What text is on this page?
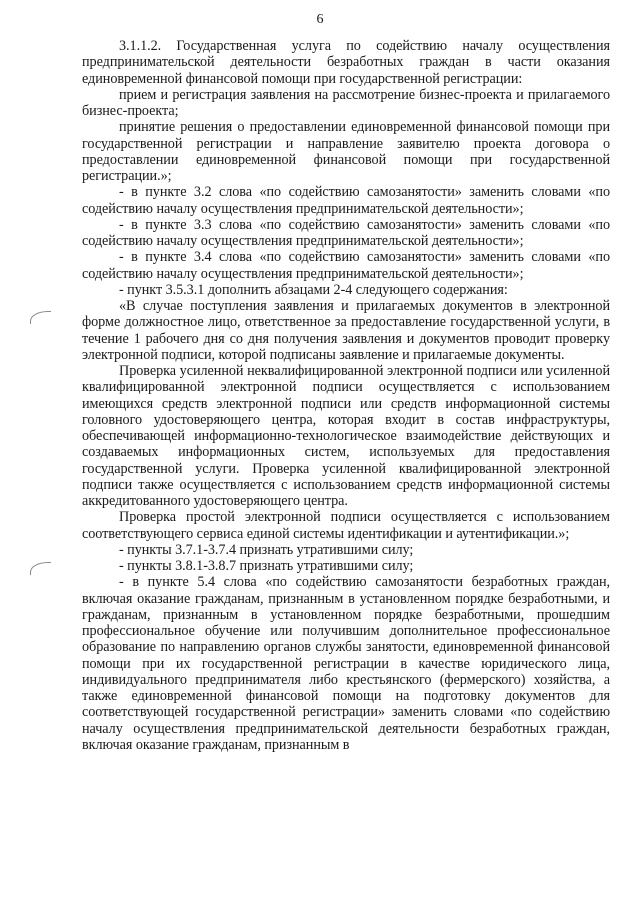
6

3.1.1.2. Государственная услуга по содействию началу осуществления предпринимательской деятельности безработных граждан в части оказания единовременной финансовой помощи при государственной регистрации:

прием и регистрация заявления на рассмотрение бизнес-проекта и прилагаемого бизнес-проекта;

принятие решения о предоставлении единовременной финансовой помощи при государственной регистрации и направление заявителю проекта договора о предоставлении единовременной финансовой помощи при государственной регистрации.»;

- в пункте 3.2 слова «по содействию самозанятости» заменить словами «по содействию началу осуществления предпринимательской деятельности»;

- в пункте 3.3 слова «по содействию самозанятости» заменить словами «по содействию началу осуществления предпринимательской деятельности»;

- в пункте 3.4 слова «по содействию самозанятости» заменить словами «по содействию началу осуществления предпринимательской деятельности»;

- пункт 3.5.3.1 дополнить абзацами 2-4 следующего содержания:

«В случае поступления заявления и прилагаемых документов в электронной форме должностное лицо, ответственное за предоставление государственной услуги, в течение 1 рабочего дня со дня получения заявления и документов проводит проверку электронной подписи, которой подписаны заявление и прилагаемые документы.

Проверка усиленной неквалифицированной электронной подписи или усиленной квалифицированной электронной подписи осуществляется с использованием имеющихся средств электронной подписи или средств информационной системы головного удостоверяющего центра, которая входит в состав инфраструктуры, обеспечивающей информационно-технологическое взаимодействие действующих и создаваемых информационных систем, используемых для предоставления государственной услуги. Проверка усиленной квалифицированной электронной подписи также осуществляется с использованием средств информационной системы аккредитованного удостоверяющего центра.

Проверка простой электронной подписи осуществляется с использованием соответствующего сервиса единой системы идентификации и аутентификации.»;

- пункты 3.7.1-3.7.4 признать утратившими силу;

- пункты 3.8.1-3.8.7 признать утратившими силу;

- в пункте 5.4 слова «по содействию самозанятости безработных граждан, включая оказание гражданам, признанным в установленном порядке безработными, и гражданам, признанным в установленном порядке безработными, прошедшим профессиональное обучение или получившим дополнительное профессиональное образование по направлению органов службы занятости, единовременной финансовой помощи при их государственной регистрации в качестве юридического лица, индивидуального предпринимателя либо крестьянского (фермерского) хозяйства, а также единовременной финансовой помощи на подготовку документов для соответствующей государственной регистрации» заменить словами «по содействию началу осуществления предпринимательской деятельности безработных граждан, включая оказание гражданам, признанным в
